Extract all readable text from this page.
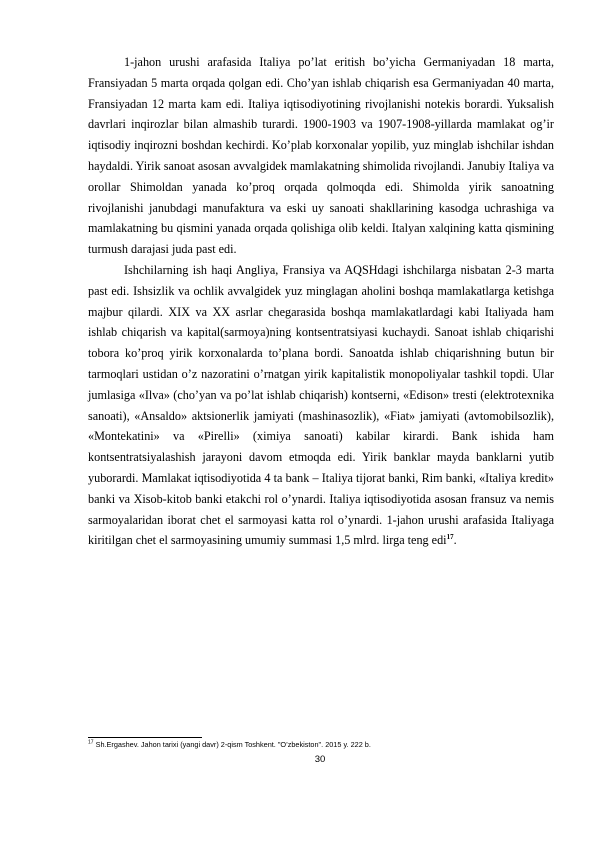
1-jahon urushi arafasida Italiya po’lat eritish bo’yicha Germaniyadan 18 marta, Fransiyadan 5 marta orqada qolgan edi. Cho’yan ishlab chiqarish esa Germaniyadan 40 marta, Fransiyadan 12 marta kam edi. Italiya iqtisodiyotining rivojlanishi notekis borardi. Yuksalish davrlari inqirozlar bilan almashib turardi. 1900-1903 va 1907-1908-yillarda mamlakat og’ir iqtisodiy inqirozni boshdan kechirdi. Ko’plab korxonalar yopilib, yuz minglab ishchilar ishdan haydaldi. Yirik sanoat asosan avvalgidek mamlakatning shimolida rivojlandi. Janubiy Italiya va orollar Shimoldan yanada ko’proq orqada qolmoqda edi. Shimolda yirik sanoatning rivojlanishi janubdagi manufaktura va eski uy sanoati shakllarining kasodga uchrashiga va mamlakatning bu qismini yanada orqada qolishiga olib keldi. Italyan xalqining katta qismining turmush darajasi juda past edi.

Ishchilarning ish haqi Angliya, Fransiya va AQSHdagi ishchilarga nisbatan 2-3 marta past edi. Ishsizlik va ochlik avvalgidek yuz minglagan aholini boshqa mamlakatlarga ketishga majbur qilardi. XIX va XX asrlar chegarasida boshqa mamlakatlardagi kabi Italiyada ham ishlab chiqarish va kapital(sarmoya)ning kontsentratsiyasi kuchaydi. Sanoat ishlab chiqarishi tobora ko’proq yirik korxonalarda to’plana bordi. Sanoatda ishlab chiqarishning butun bir tarmoqlari ustidan o’z nazoratini o’rnatgan yirik kapitalistik monopoliyalar tashkil topdi. Ular jumlasiga «Ilva» (cho’yan va po’lat ishlab chiqarish) kontserni, «Edison» tresti (elektrotexnika sanoati), «Ansaldo» aktsionerlik jamiyati (mashinasozlik), «Fiat» jamiyati (avtomobilsozlik), «Montekatini» va «Pirelli» (ximiya sanoati) kabilar kirardi. Bank ishida ham kontsentratsiyalashish jarayoni davom etmoqda edi. Yirik banklar mayda banklarni yutib yuborardi. Mamlakat iqtisodiyotida 4 ta bank – Italiya tijorat banki, Rim banki, «Italiya kredit» banki va Xisob-kitob banki etakchi rol o’ynardi. Italiya iqtisodiyotida asosan fransuz va nemis sarmoyalaridan iborat chet el sarmoyasi katta rol o’ynardi. 1-jahon urushi arafasida Italiyaga kiritilgan chet el sarmoyasining umumiy summasi 1,5 mlrd. lirga teng edi$^{17}$.

$^{17}$ Sh.Ergashev. Jahon tarixi (yangi davr) 2-qism Toshkent. "O’zbekiston". 2015 y. 222 b.
30
